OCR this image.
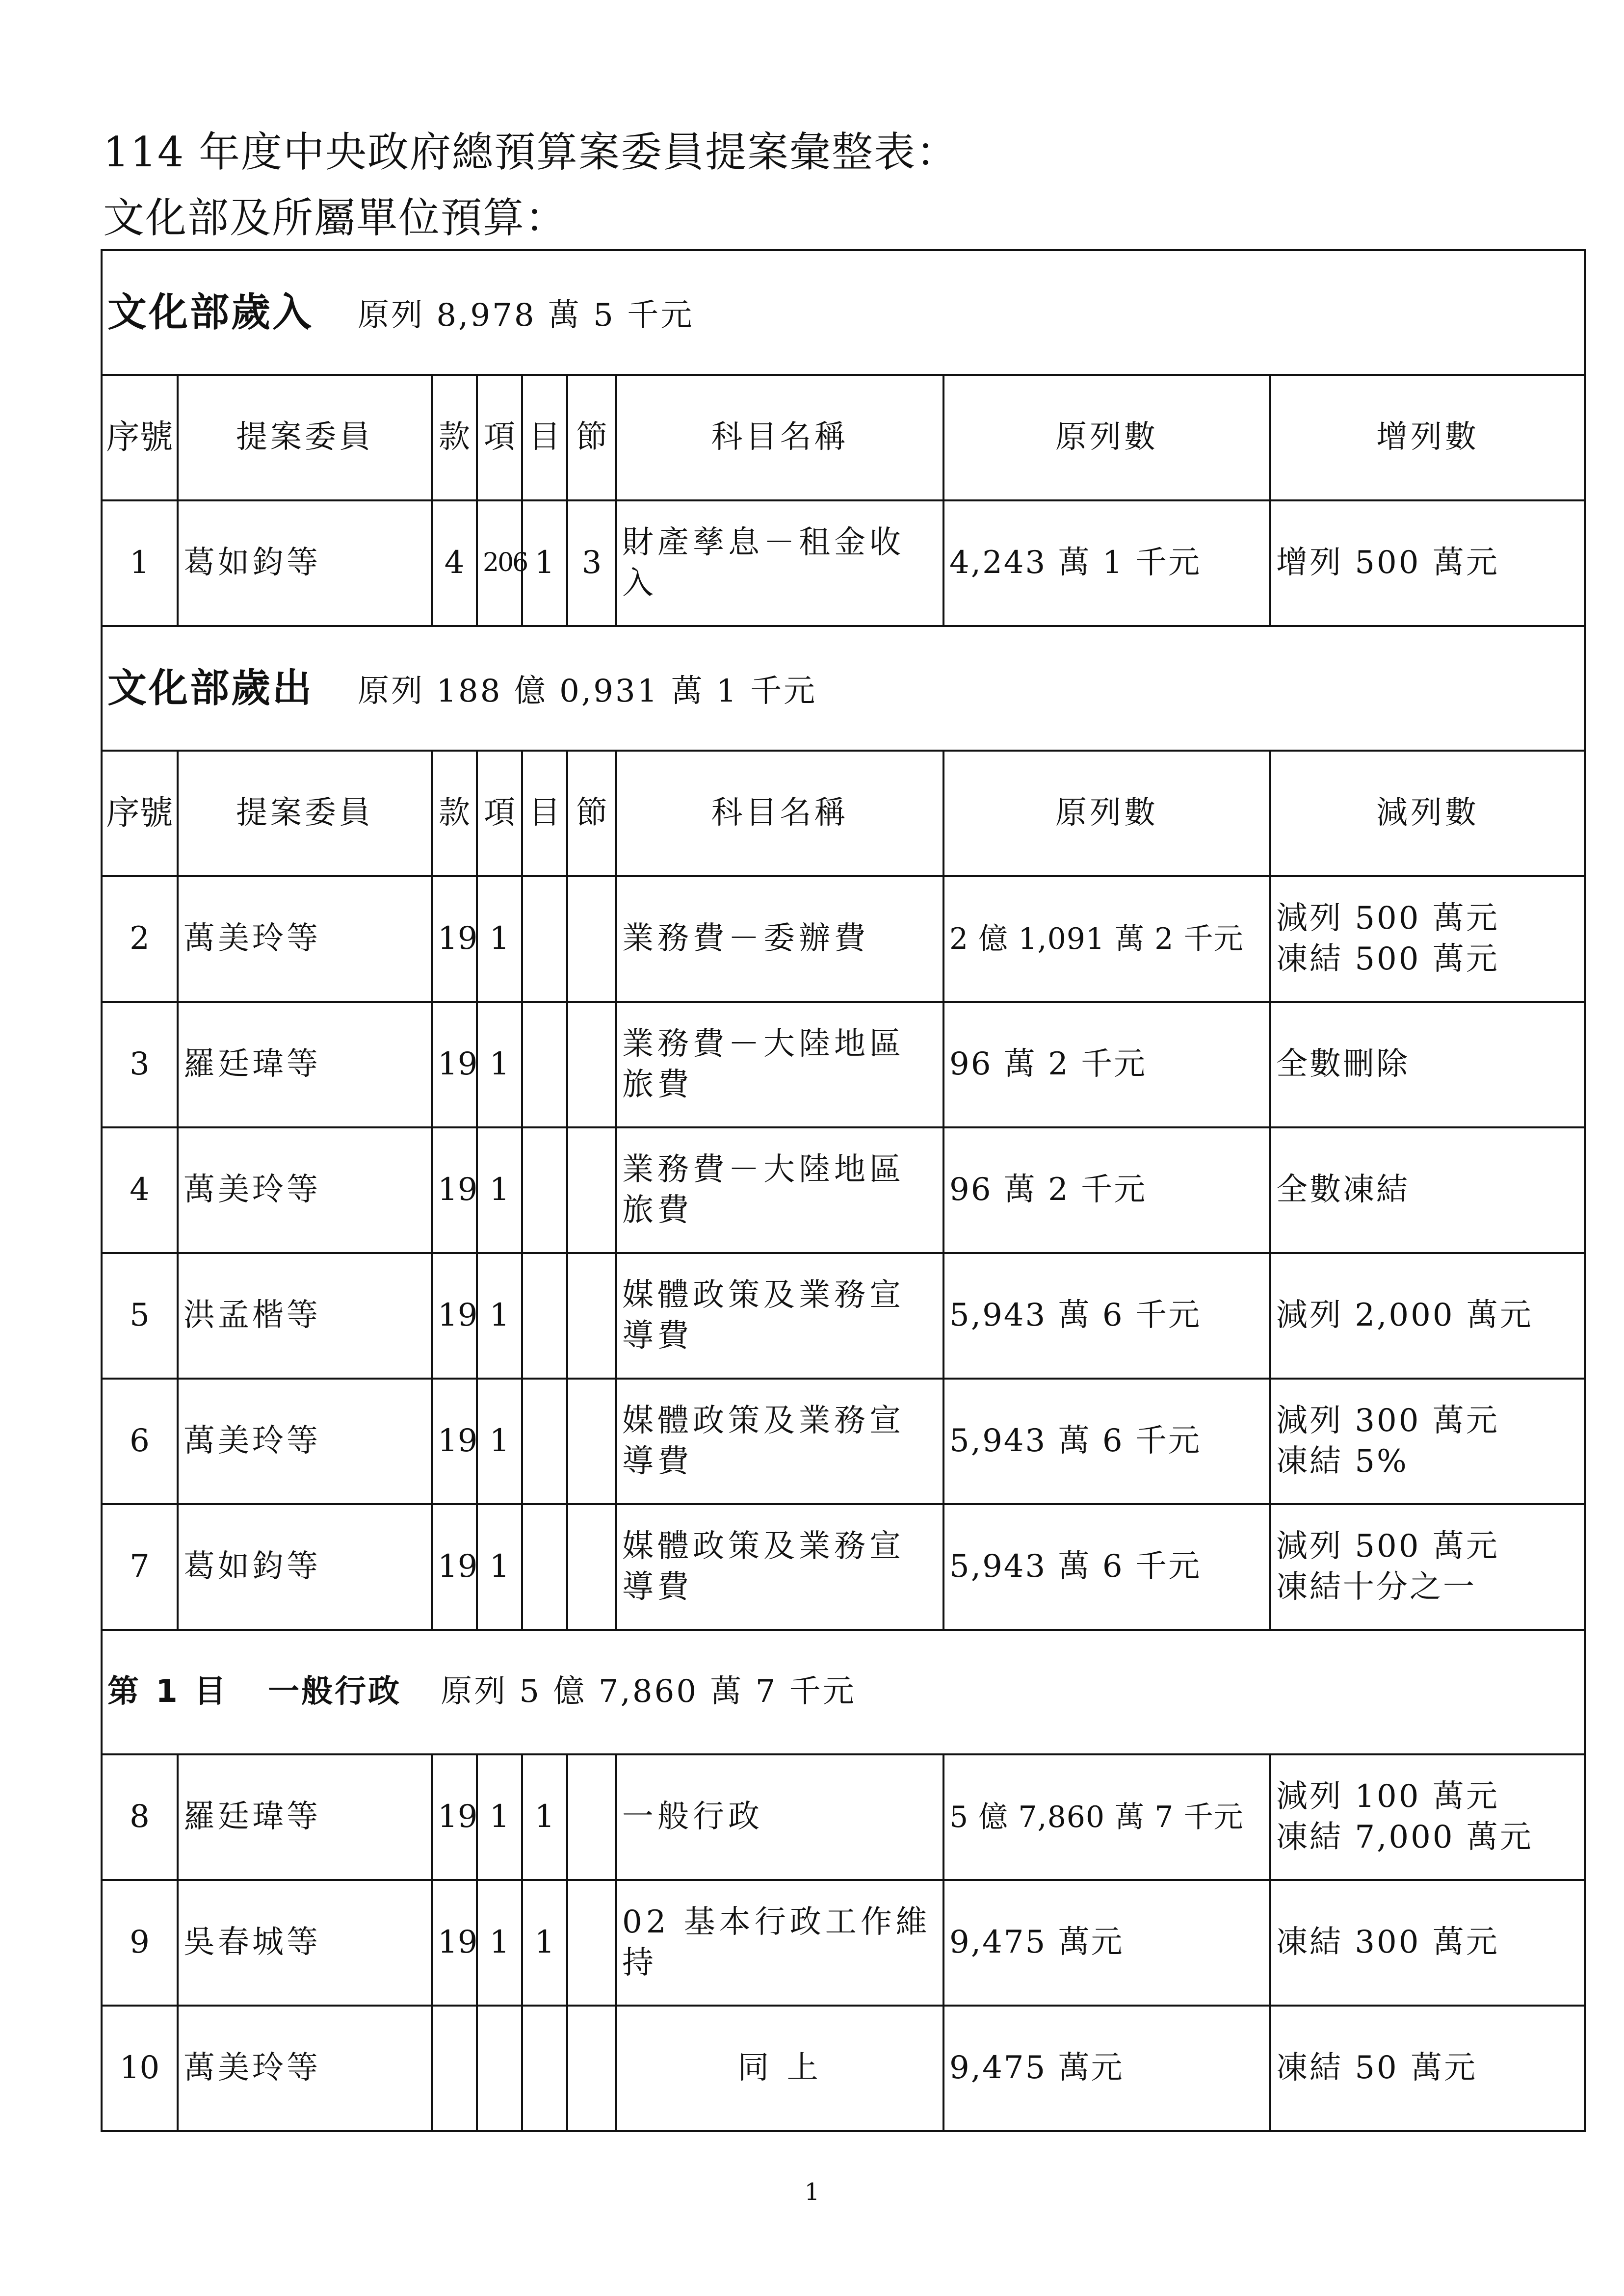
114 年度中央政府總預算案委員提案彙整表：
文化部及所屬單位預算：
文化部歲入 原列 8,978 萬 5 千元								
序號	提案委員	款	項	目	節	科目名稱	原列數	增列數
1	葛如鈞等	4	206	1	3	財產孳息－租金收入	4,243 萬 1 千元	增列 500 萬元
文化部歲出 原列 188 億 0,931 萬 1 千元								
序號	提案委員	款	項	目	節	科目名稱	原列數	減列數
2	萬美玲等	19	1			業務費－委辦費	2 億 1,091 萬 2 千元	減列 500 萬元
凍結 500 萬元

3	羅廷瑋等	19	1			業務費－大陸地區旅費	96 萬 2 千元	全數刪除

4	萬美玲等	19	1			業務費－大陸地區旅費	96 萬 2 千元	全數凍結

5	洪孟楷等	19	1			媒體政策及業務宣導費	5,943 萬 6 千元	減列 2,000 萬元

6	萬美玲等	19	1			媒體政策及業務宣導費	5,943 萬 6 千元	減列 300 萬元
凍結 5%

7	葛如鈞等	19	1			媒體政策及業務宣導費	5,943 萬 6 千元	減列 500 萬元
凍結十分之一

第 1 目 一般行政 原列 5 億 7,860 萬 7 千元								
8	羅廷瑋等	19	1	1		一般行政	5 億 7,860 萬 7 千元	減列 100 萬元
凍結 7,000 萬元

9	吳春城等	19	1	1		02 基本行政工作維持	9,475 萬元	凍結 300 萬元

10	萬美玲等					同 上	9,475 萬元	凍結 50 萬元
1
